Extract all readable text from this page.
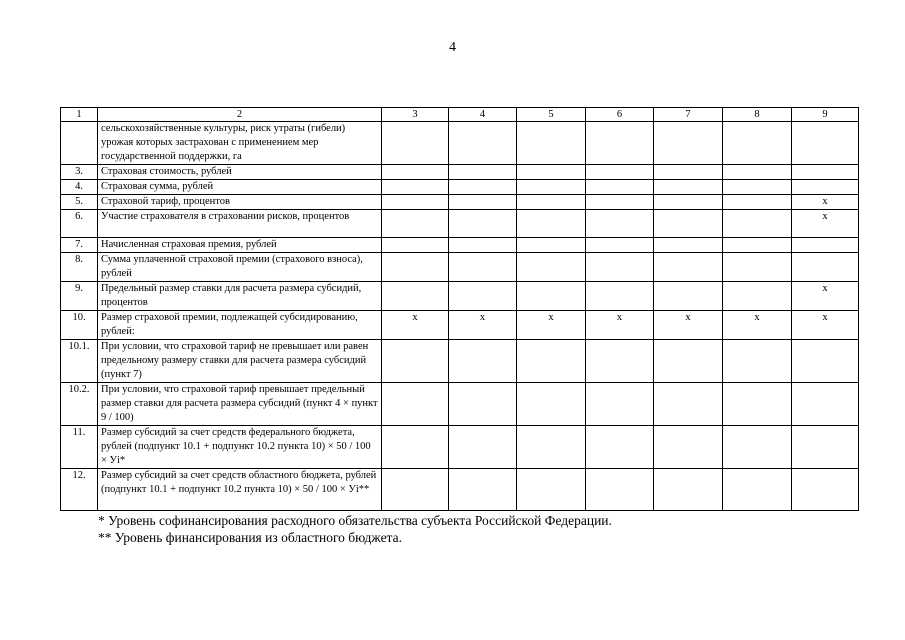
4
1	2	3	4	5	6	7	8	9
	сельскохозяйственные культуры, риск утраты (гибели) урожая которых застрахован с применением мер государственной поддержки, га							
3.	Страховая стоимость, рублей							
4.	Страховая сумма, рублей							
5.	Страховой тариф, процентов							x
6.	Участие страхователя в страховании рисков, процентов							x
7.	Начисленная страховая премия, рублей							
8.	Сумма уплаченной страховой премии (страхового взноса), рублей							
9.	Предельный размер ставки для расчета размера субсидий, процентов							x
10.	Размер страховой премии, подлежащей субсидированию, рублей:	x	x	x	x	x	x	x
10.1.	При условии, что страховой тариф не превышает или равен предельному размеру ставки для расчета размера субсидий (пункт 7)							
10.2.	При условии, что страховой тариф превышает предельный размер ставки для расчета размера субсидий (пункт 4 × пункт 9 / 100)							
11.	Размер субсидий за счет средств федерального бюджета, рублей (подпункт 10.1 + подпункт 10.2 пункта 10) × 50 / 100 × Уi*							
12.	Размер субсидий за счет средств областного бюджета, рублей (подпункт 10.1 + подпункт 10.2 пункта 10) × 50 / 100 × Уi**							
* Уровень софинансирования расходного обязательства субъекта Российской Федерации.
** Уровень финансирования из областного бюджета.
